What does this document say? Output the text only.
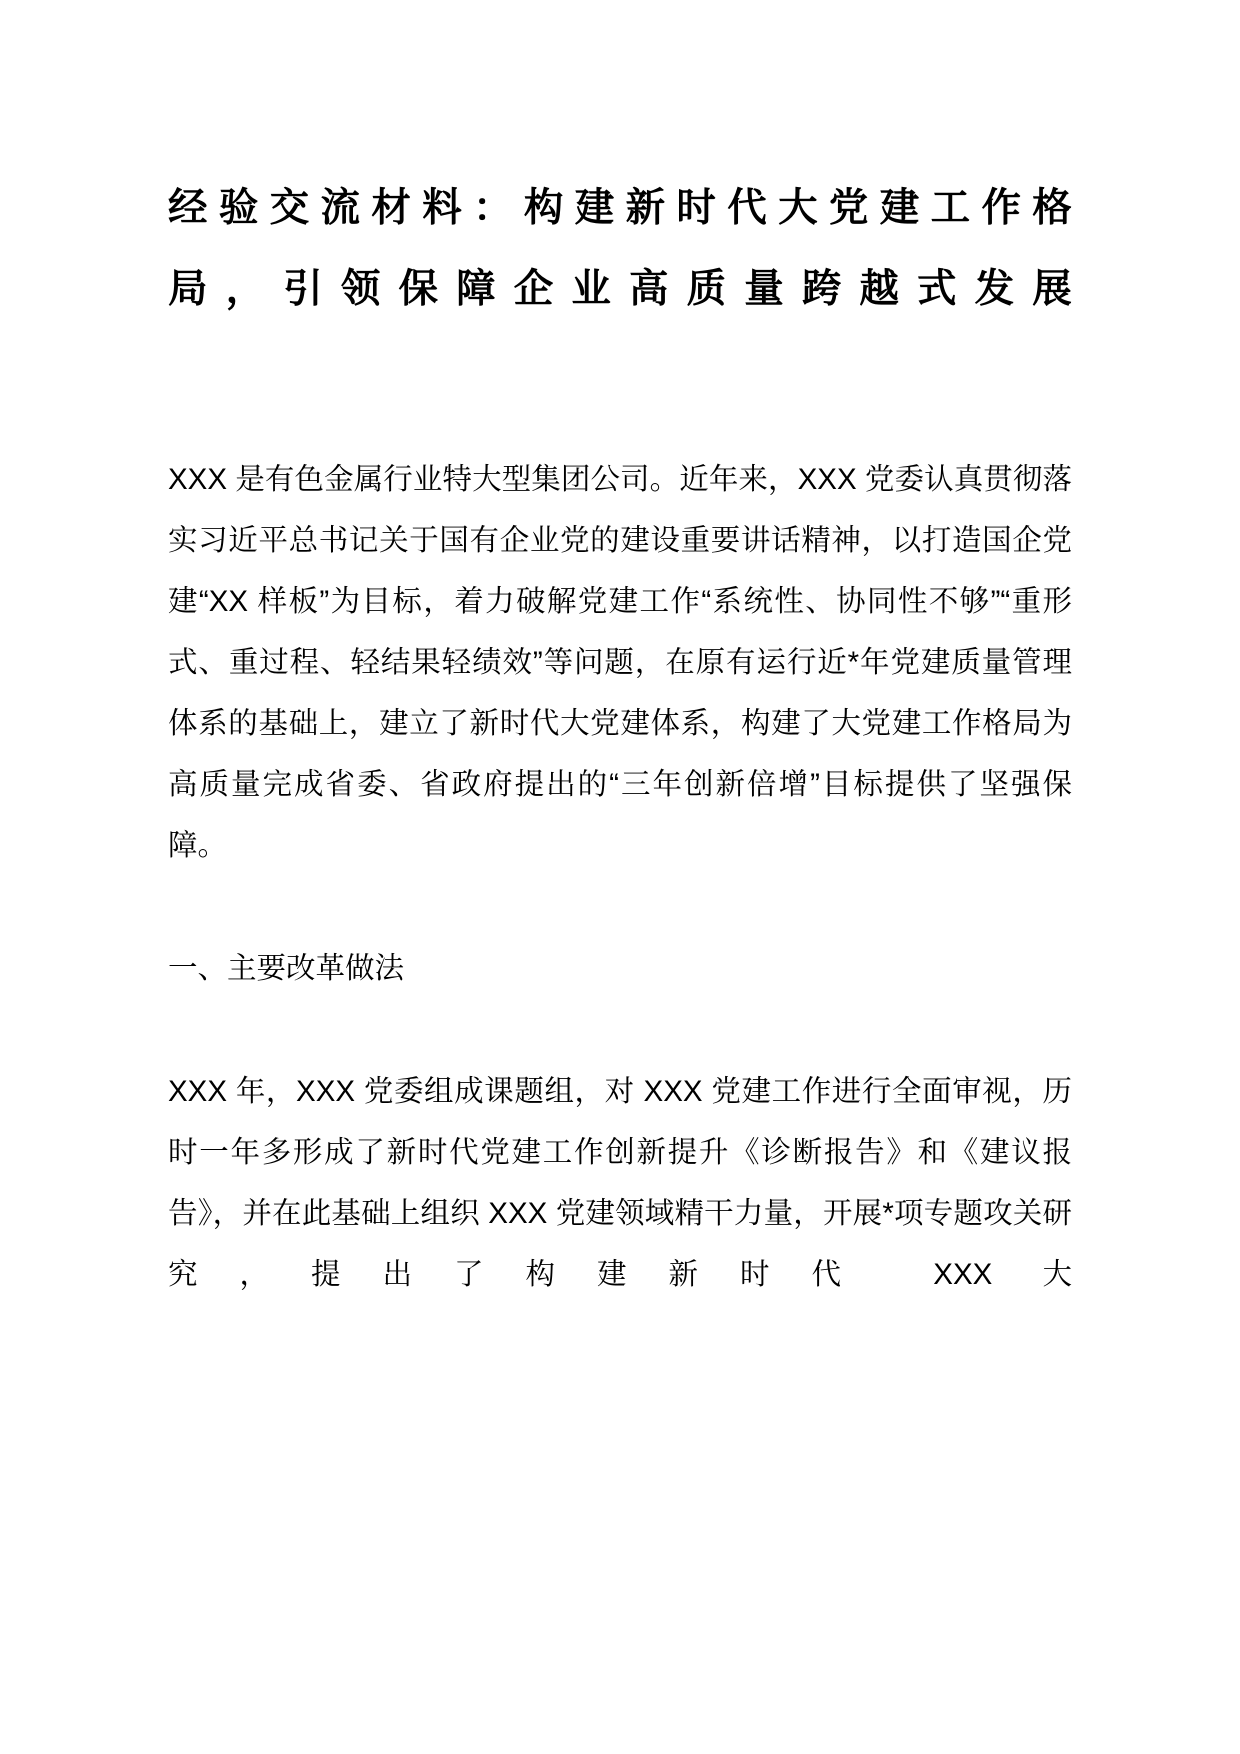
经验交流材料：构建新时代大党建工作格
局，引领保障企业高质量跨越式发展

XXX 是有色金属行业特大型集团公司。近年来，XXX 党委认真贯彻落实习近平总书记关于国有企业党的建设重要讲话精神，以打造国企党建“XX 样板”为目标，着力破解党建工作“系统性、协同性不够”“重形式、重过程、轻结果轻绩效”等问题，在原有运行近*年党建质量管理体系的基础上，建立了新时代大党建体系，构建了大党建工作格局为高质量完成省委、省政府提出的“三年创新倍增”目标提供了坚强保障。

一、主要改革做法

XXX 年，XXX 党委组成课题组，对 XXX 党建工作进行全面审视，历时一年多形成了新时代党建工作创新提升《诊断报告》和《建议报告》，并在此基础上组织 XXX 党建领域精干力量，开展*项专题攻关研究，提出了构建新时代 XXX 大
